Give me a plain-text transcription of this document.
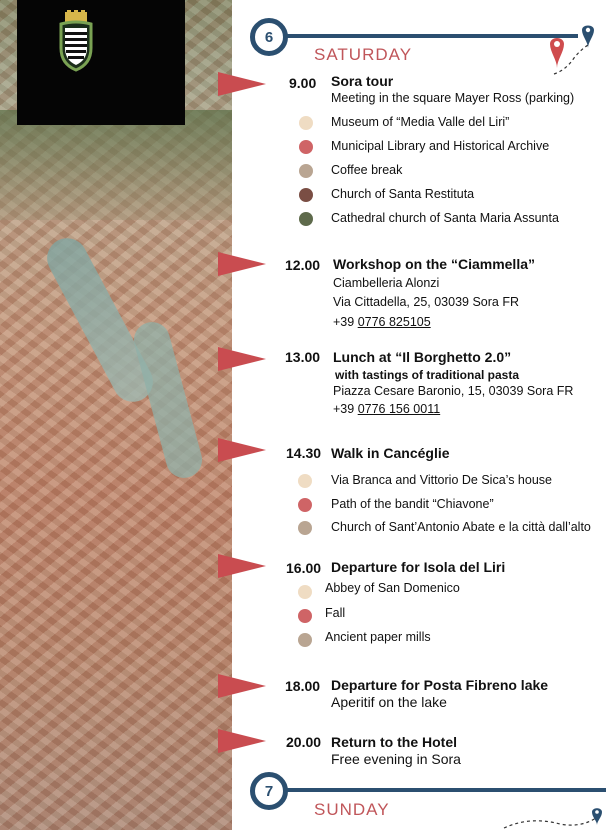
6
SATURDAY
9.00 Sora tour
Meeting in the square Mayer Ross (parking)
Museum of “Media Valle del Liri”
Municipal Library and Historical Archive
Coffee break
Church of Santa Restituta
Cathedral church of Santa Maria Assunta
12.00 Workshop on the “Ciammella”
Ciambelleria Alonzi
Via Cittadella, 25, 03039 Sora FR
+39 0776 825105
13.00 Lunch at “Il Borghetto 2.0”
with tastings of traditional pasta
Piazza Cesare Baronio, 15, 03039 Sora FR
+39 0776 156 0011
14.30 Walk in Cancéglie
Via Branca and Vittorio De Sica’s house
Path of the bandit “Chiavone”
Church of Sant’Antonio Abate e la città dall’alto
16.00 Departure for Isola del Liri
Abbey of San Domenico
Fall
Ancient paper mills
18.00 Departure for Posta Fibreno lake
Aperitif on the lake
20.00 Return to the Hotel
Free evening in Sora
7
SUNDAY
